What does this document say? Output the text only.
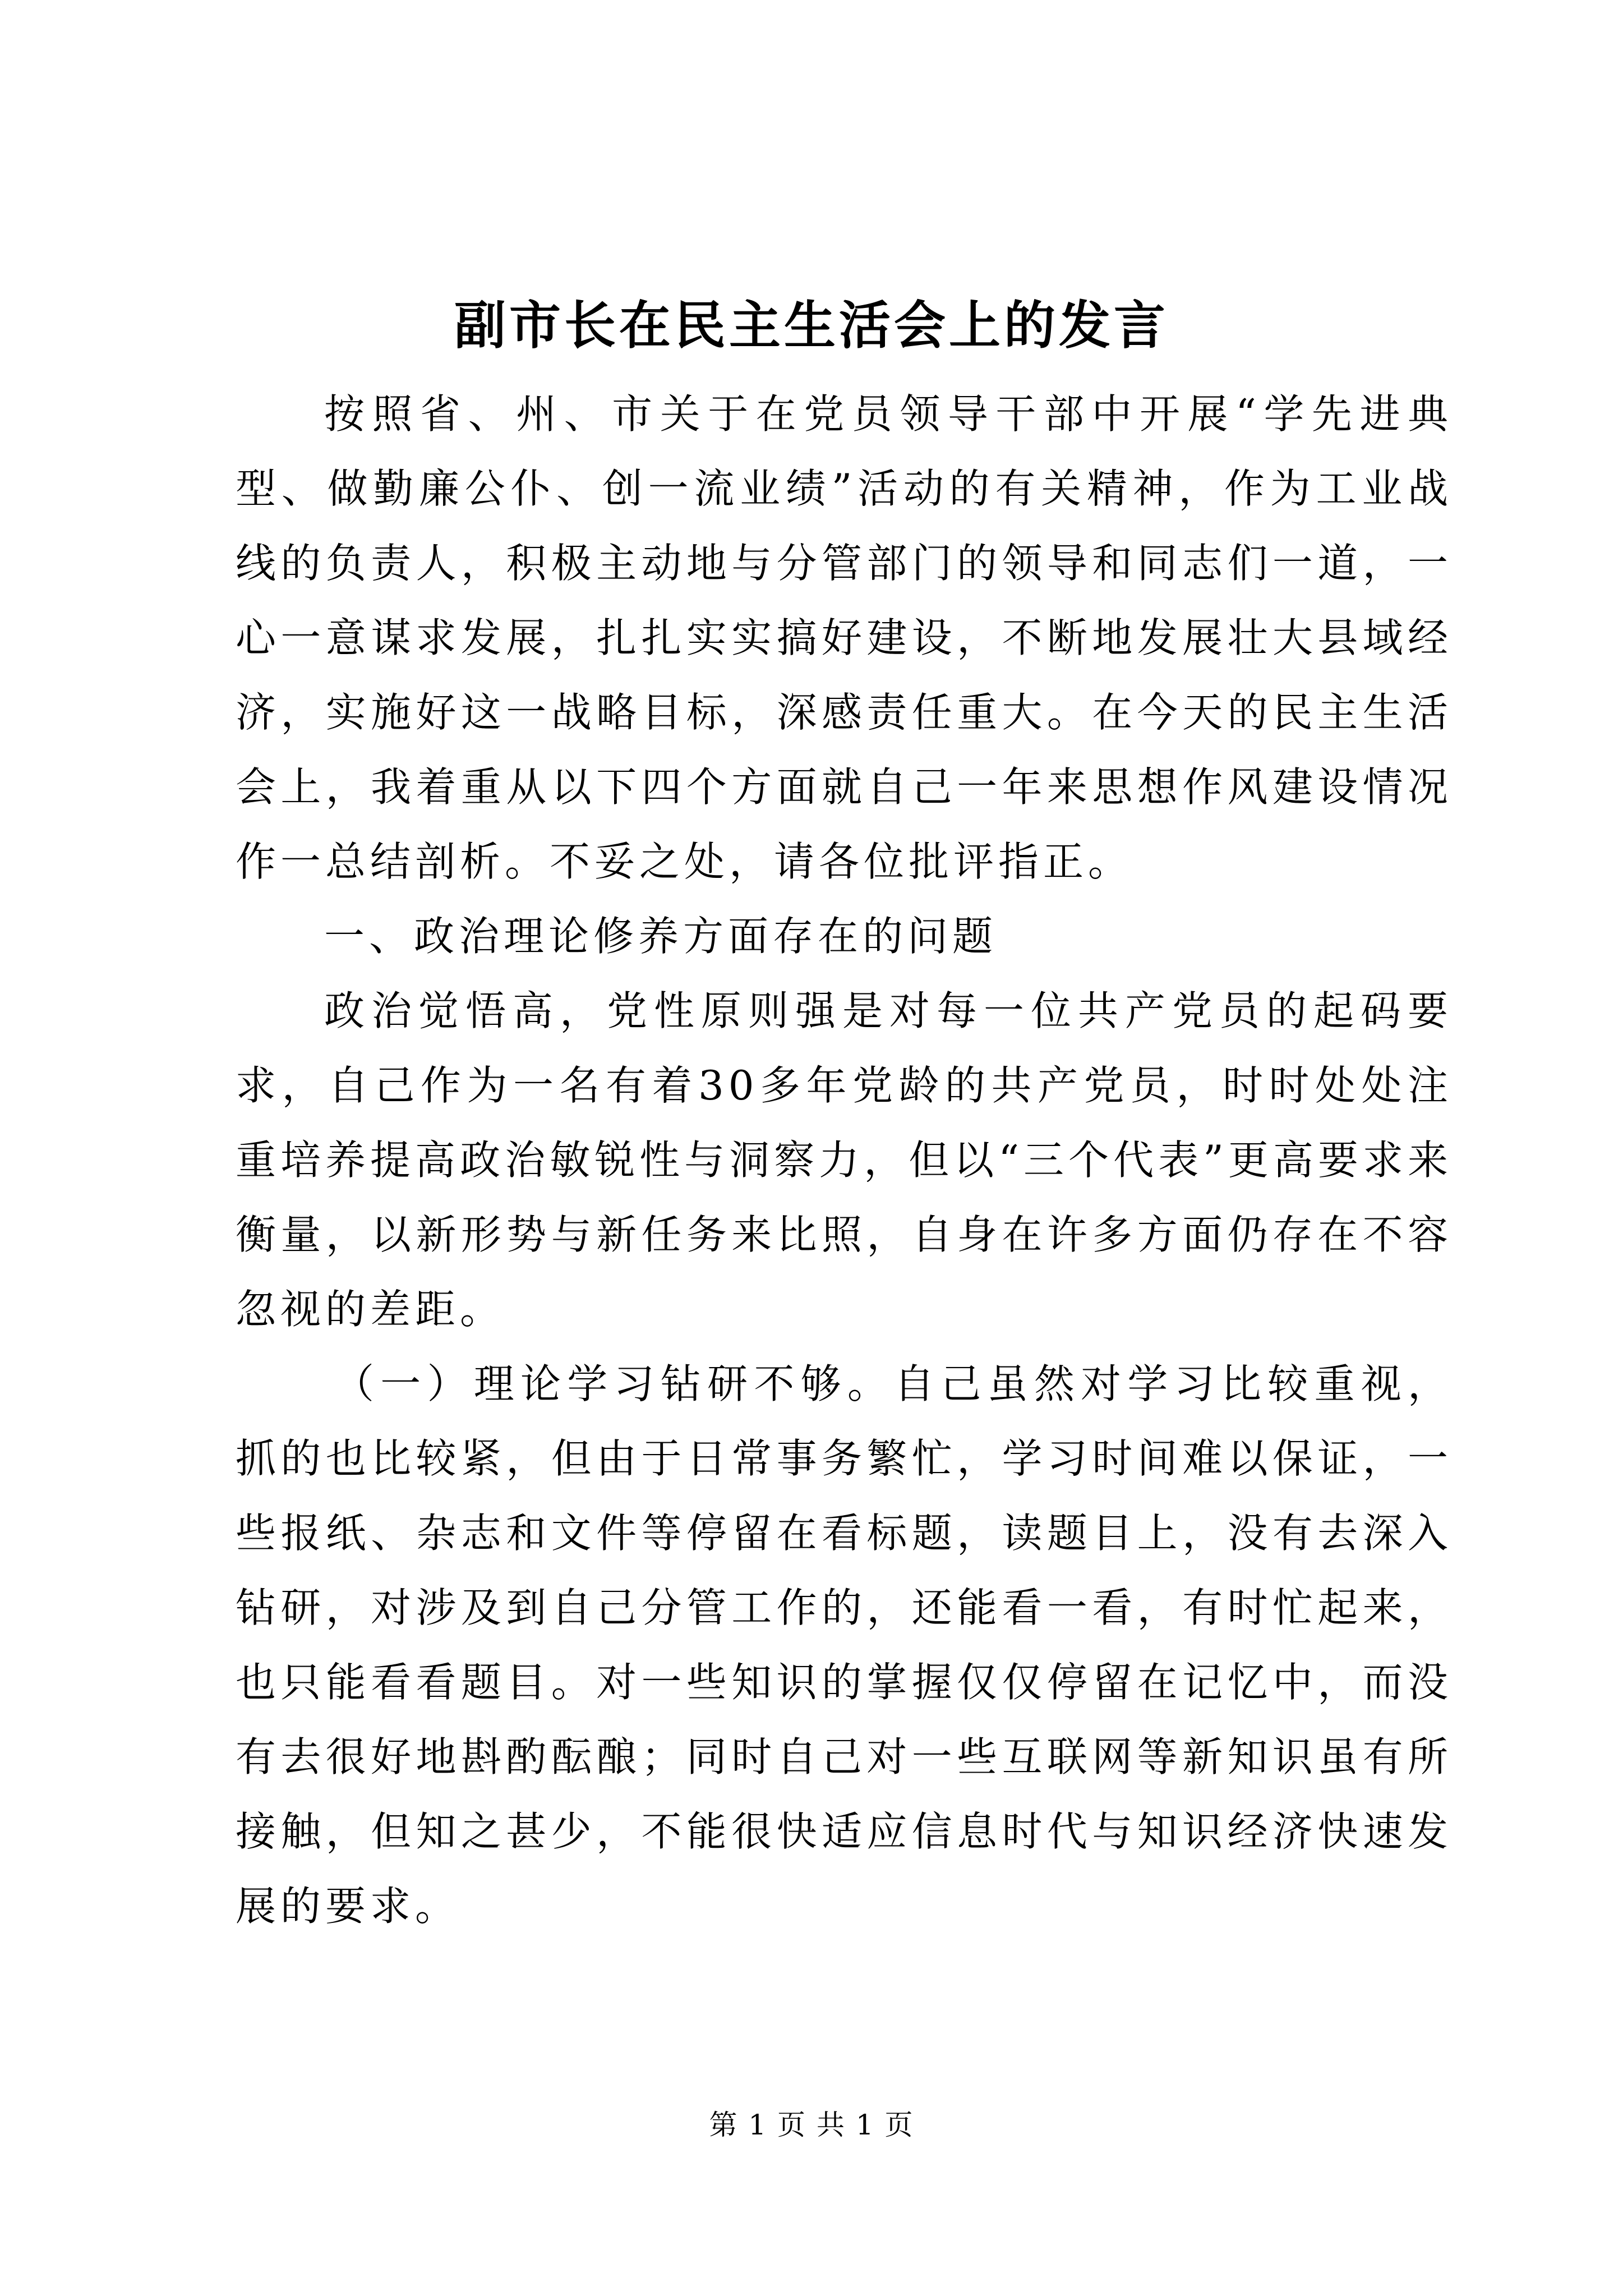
副市长在民主生活会上的发言

按照省、州、市关于在党员领导干部中开展“学先进典型、做勤廉公仆、创一流业绩”活动的有关精神，作为工业战线的负责人，积极主动地与分管部门的领导和同志们一道，一心一意谋求发展，扎扎实实搞好建设，不断地发展壮大县域经济，实施好这一战略目标，深感责任重大。在今天的民主生活会上，我着重从以下四个方面就自己一年来思想作风建设情况作一总结剖析。不妥之处，请各位批评指正。

一、政治理论修养方面存在的问题

政治觉悟高，党性原则强是对每一位共产党员的起码要求，自己作为一名有着30多年党龄的共产党员，时时处处注重培养提高政治敏锐性与洞察力，但以“三个代表”更高要求来衡量，以新形势与新任务来比照，自身在许多方面仍存在不容忽视的差距。

（一）理论学习钻研不够。自己虽然对学习比较重视，抓的也比较紧，但由于日常事务繁忙，学习时间难以保证，一些报纸、杂志和文件等停留在看标题，读题目上，没有去深入钻研，对涉及到自己分管工作的，还能看一看，有时忙起来，也只能看看题目。对一些知识的掌握仅仅停留在记忆中，而没有去很好地斟酌酝酿；同时自己对一些互联网等新知识虽有所接触，但知之甚少，不能很快适应信息时代与知识经济快速发展的要求。

第 1 页 共 1 页
